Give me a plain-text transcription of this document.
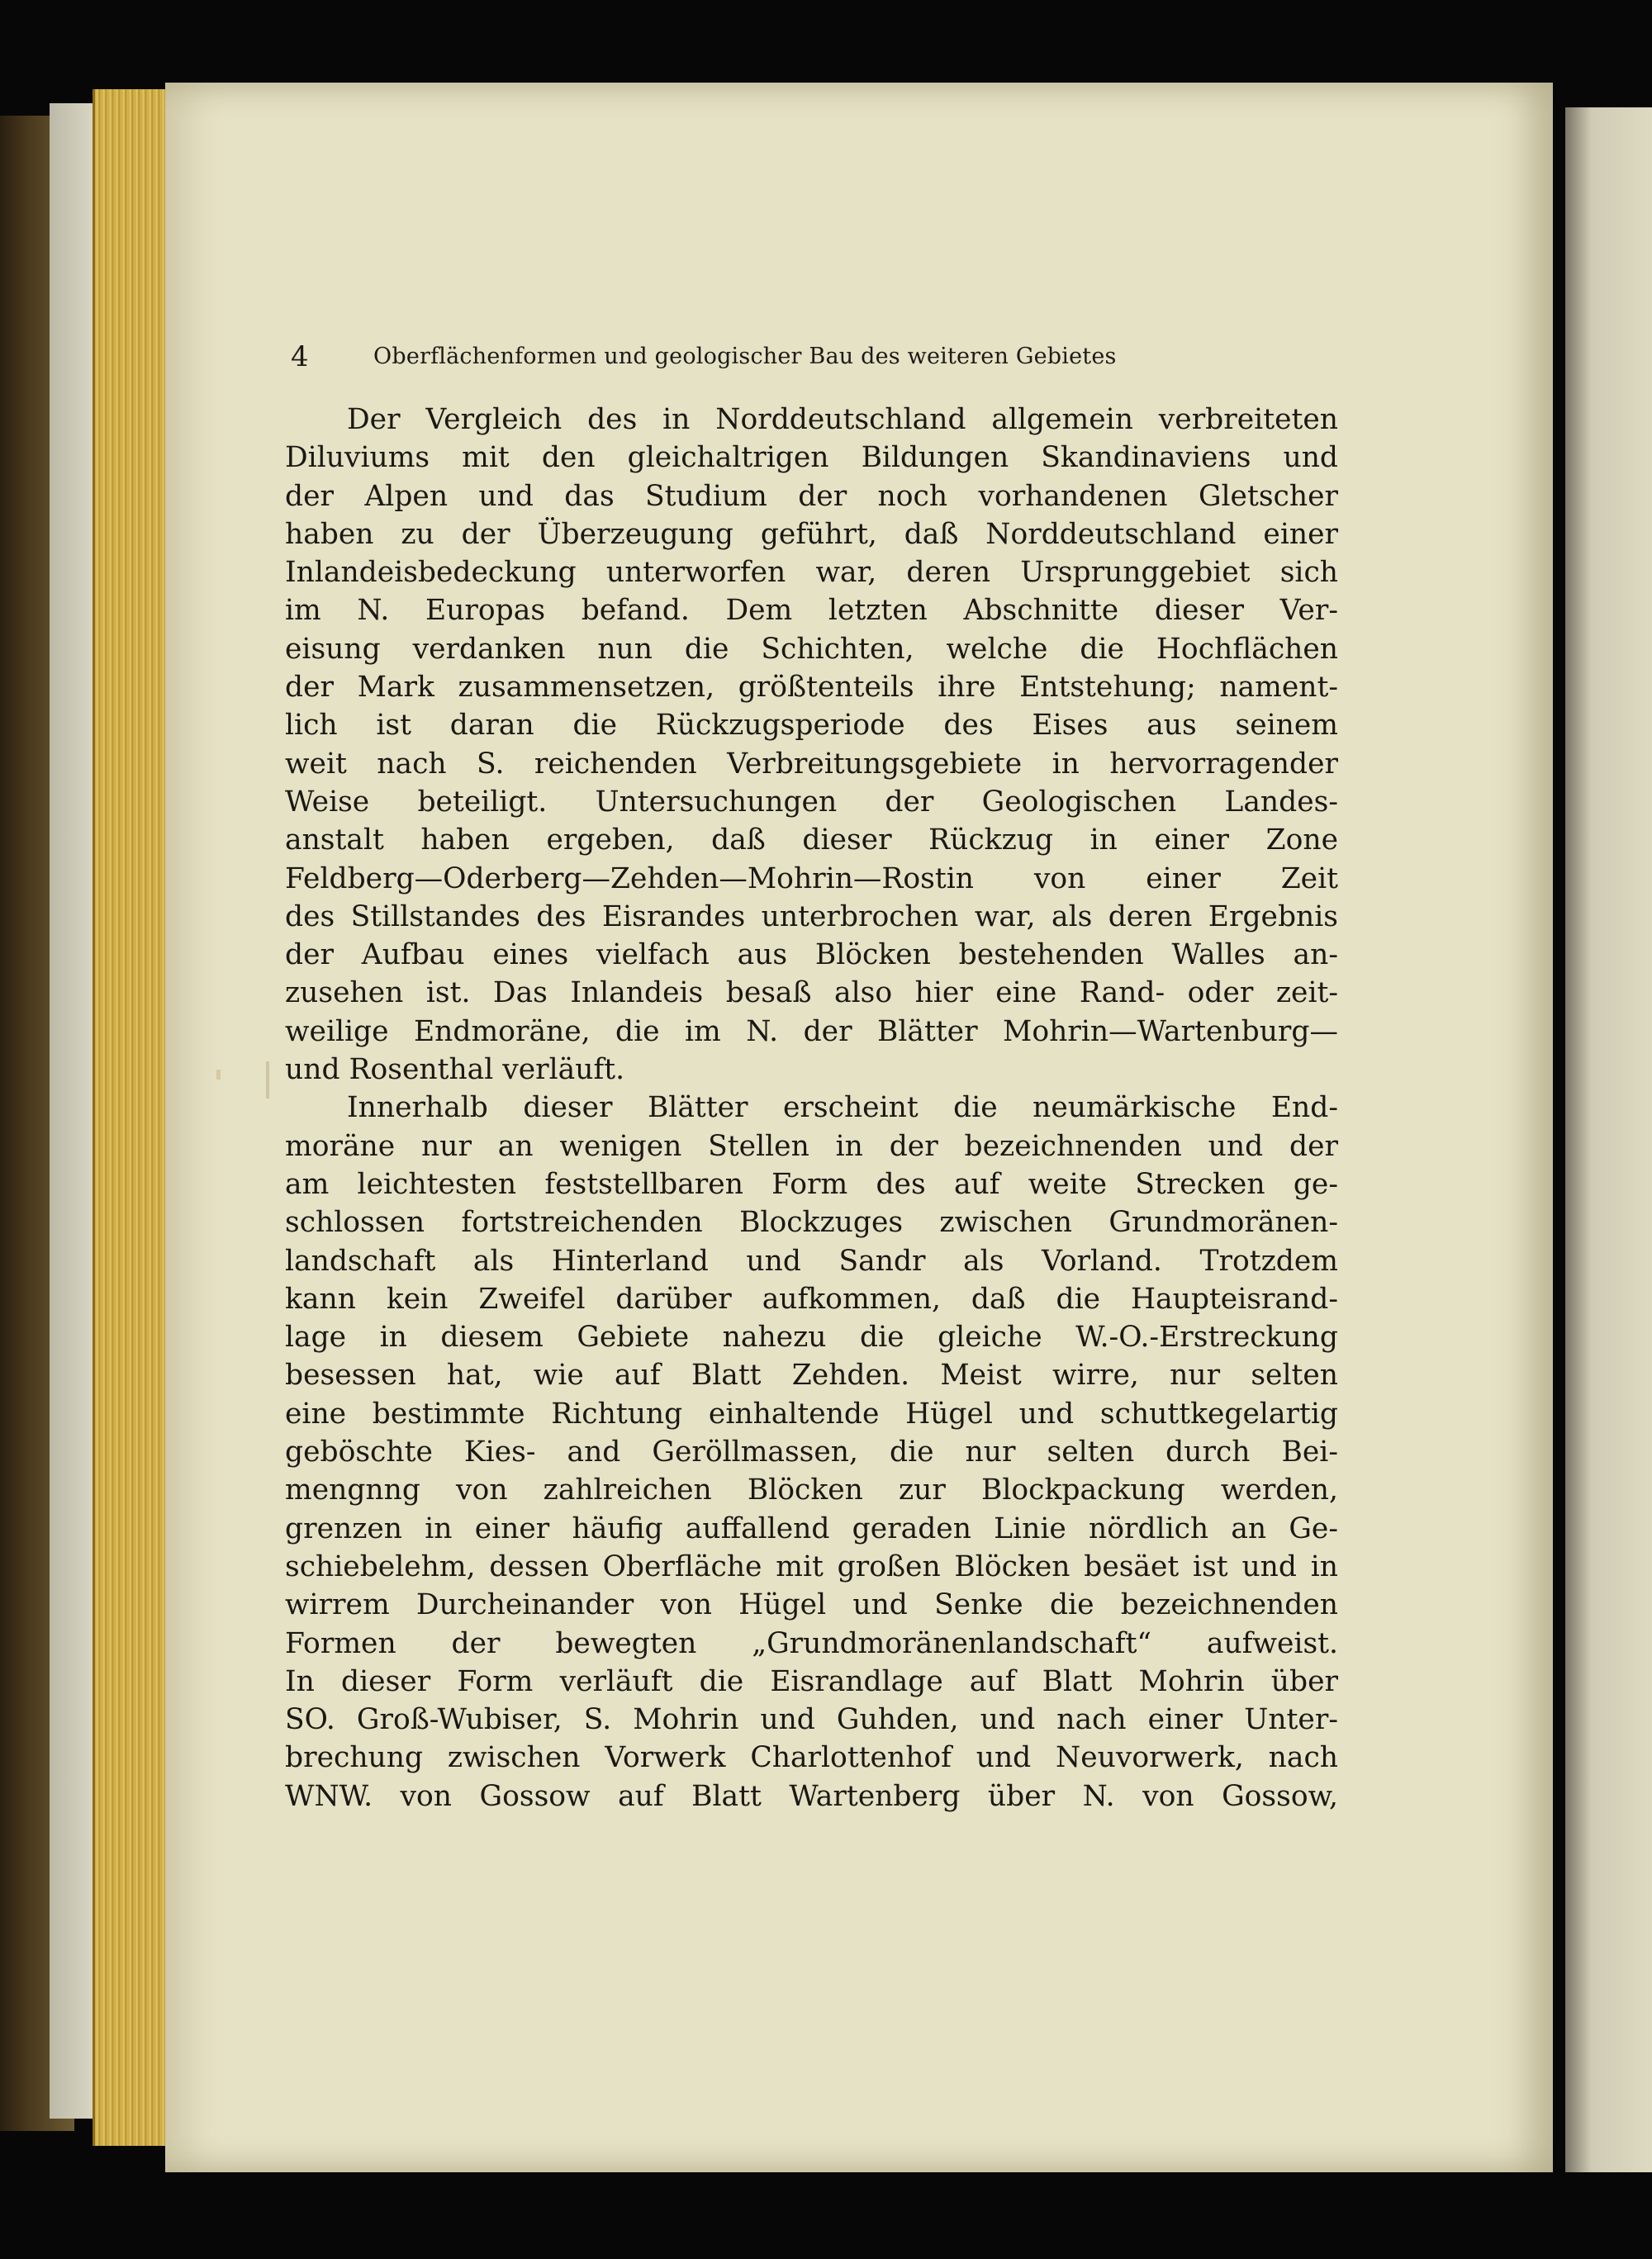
4	Oberflächenformen und geologischer Bau des weiteren Gebietes
Der Vergleich des in Norddeutschland allgemein verbreiteten
Diluviums mit den gleichaltrigen Bildungen Skandinaviens und
der Alpen und das Studium der noch vorhandenen Gletscher
haben zu der Überzeugung geführt, daß Norddeutschland einer
Inlandeisbedeckung unterworfen war, deren Ursprunggebiet sich
im N. Europas befand. Dem letzten Abschnitte dieser Ver-
eisung verdanken nun die Schichten, welche die Hochflächen
der Mark zusammensetzen, größtenteils ihre Entstehung; nament-
lich ist daran die Rückzugsperiode des Eises aus seinem
weit nach S. reichenden Verbreitungsgebiete in hervorragender
Weise beteiligt. Untersuchungen der Geologischen Landes-
anstalt haben ergeben, daß dieser Rückzug in einer Zone
Feldberg—Oderberg—Zehden—Mohrin—Rostin von einer Zeit
des Stillstandes des Eisrandes unterbrochen war, als deren Ergebnis
der Aufbau eines vielfach aus Blöcken bestehenden Walles an-
zusehen ist. Das Inlandeis besaß also hier eine Rand- oder zeit-
weilige Endmoräne, die im N. der Blätter Mohrin—Wartenburg—
und Rosenthal verläuft.
Innerhalb dieser Blätter erscheint die neumärkische End-
moräne nur an wenigen Stellen in der bezeichnenden und der
am leichtesten feststellbaren Form des auf weite Strecken ge-
schlossen fortstreichenden Blockzuges zwischen Grundmoränen-
landschaft als Hinterland und Sandr als Vorland. Trotzdem
kann kein Zweifel darüber aufkommen, daß die Haupteisrand-
lage in diesem Gebiete nahezu die gleiche W.-O.-Erstreckung
besessen hat, wie auf Blatt Zehden. Meist wirre, nur selten
eine bestimmte Richtung einhaltende Hügel und schuttkegelartig
geböschte Kies- and Geröllmassen, die nur selten durch Bei-
mengnng von zahlreichen Blöcken zur Blockpackung werden,
grenzen in einer häufig auffallend geraden Linie nördlich an Ge-
schiebelehm, dessen Oberfläche mit großen Blöcken besäet ist und in
wirrem Durcheinander von Hügel und Senke die bezeichnenden
Formen der bewegten „Grundmoränenlandschaft“ aufweist.
In dieser Form verläuft die Eisrandlage auf Blatt Mohrin über
SO. Groß-Wubiser, S. Mohrin und Guhden, und nach einer Unter-
brechung zwischen Vorwerk Charlottenhof und Neuvorwerk, nach
WNW. von Gossow auf Blatt Wartenberg über N. von Gossow,
